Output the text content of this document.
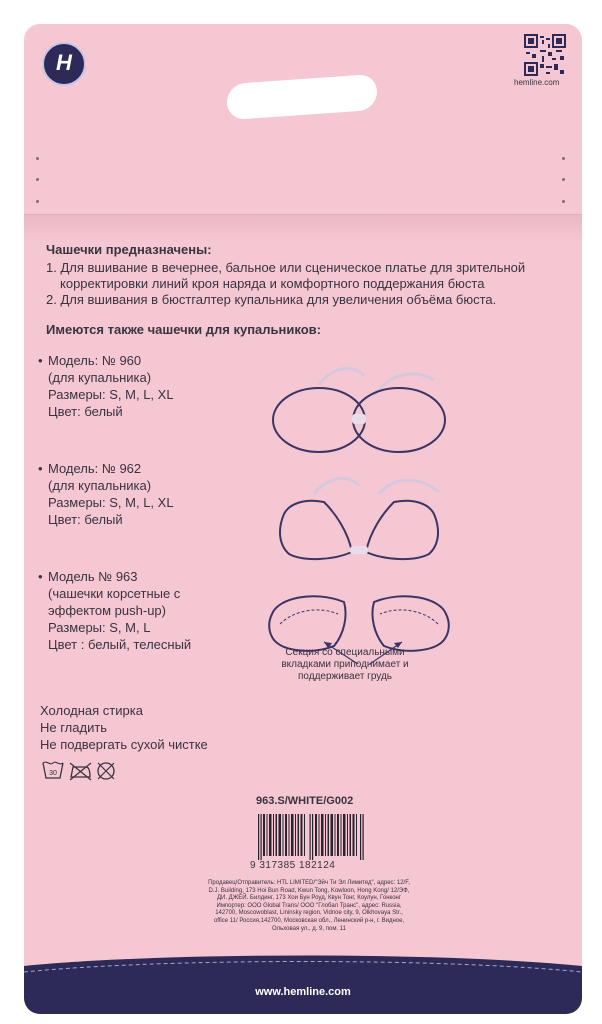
H
hemline.com
Чашечки предназначены:
1. Для вшивание в вечернее, бальное или сценическое платье для зрительной
корректировки линий кроя наряда и комфортного поддержания бюста
2. Для вшивания в бюстгалтер купальника для увеличения объёма бюста.
Имеются также чашечки для купальников:
• Модель: № 960
(для купальника)
Размеры: S, M, L, XL
Цвет: белый
• Модель: № 962
(для купальника)
Размеры: S, M, L, XL
Цвет: белый
• Модель № 963
(чашечки корсетные с
эффектом push-up)
Размеры: S, M, L
Цвет : белый, телесный
Секция со специальными
вкладками приподнимает и
поддерживает грудь
Холодная стирка
Не гладить
Не подвергать сухой чистке
30
963.S/WHITE/G002
9 317385 182124
Продавец/Отправитель: HTL LIMITED/"Эйч Ти Эл Лимитед", адрес: 12/F,
D.J. Building, 173 Hoi Bun Road, Kwun Tong, Kowloon, Hong Kong/ 12/ЭФ,
ДИ. ДЖЕЙ. Билдинг, 173 Хои Бун Роуд, Квун Тонг, Коулун, Гонконг
Импортер: ООО Global Trans/ ООО "Глобал Транс", адрес: Russia,
142700, Moscowoblast, Lininsky region, Vidnoe city, 9, Olkhovaya Str.,
office 11/ Россия,142700, Московская обл., Ленинский р-н, г. Видное,
Ольховая ул., д. 9, пом. 11
www.hemline.com
